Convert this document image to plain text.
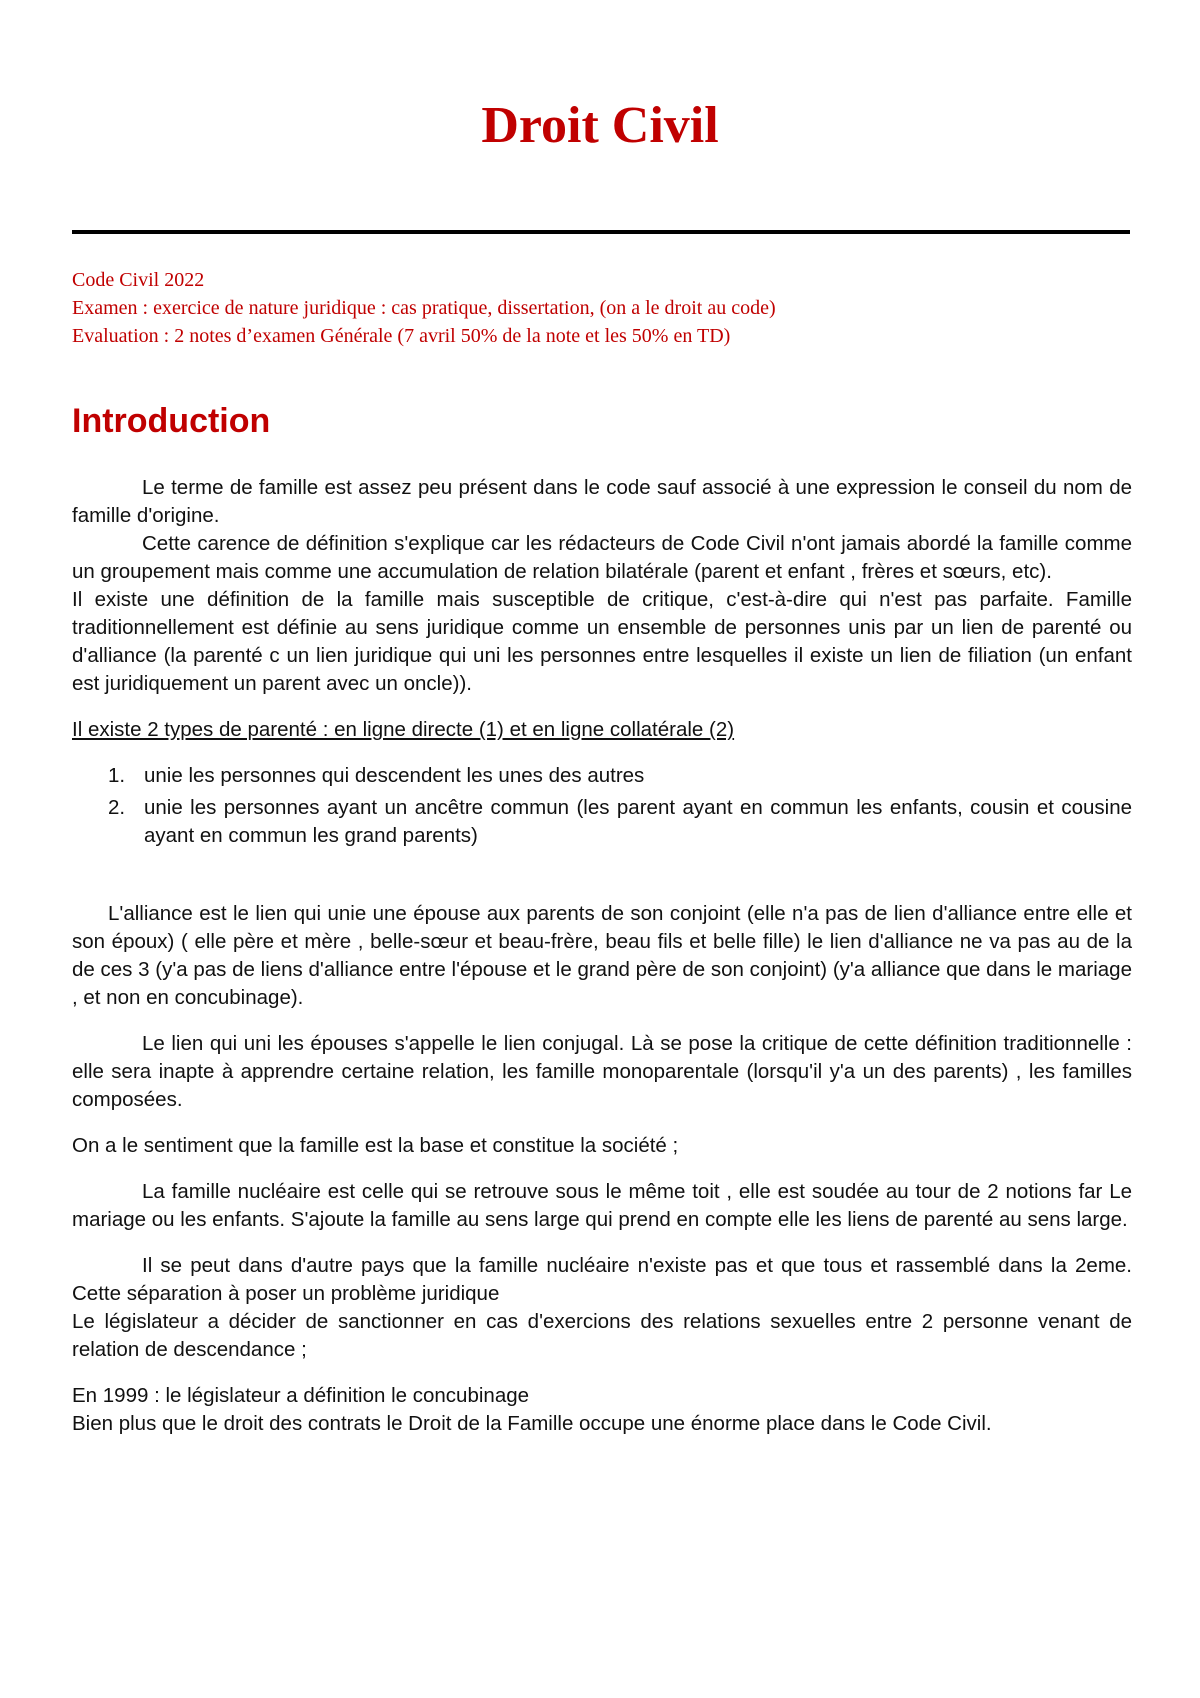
Droit Civil
Code Civil 2022
Examen : exercice de nature juridique : cas pratique, dissertation, (on a le droit au code)
Evaluation : 2 notes d’examen Générale (7 avril 50% de la note et les 50% en TD)
Introduction

Le terme de famille est assez peu présent dans le code sauf associé à une expression le conseil du nom de famille d'origine.

Cette carence de définition s'explique car les rédacteurs de Code Civil n'ont jamais abordé la famille comme un groupement mais comme une accumulation de relation bilatérale (parent et enfant , frères et sœurs, etc).

Il existe une définition de la famille mais susceptible de critique, c'est-à-dire qui n'est pas parfaite. Famille traditionnellement est définie au sens juridique comme un ensemble de personnes unis par un lien de parenté ou d'alliance (la parenté c un lien juridique qui uni les personnes entre lesquelles il existe un lien de filiation (un enfant est juridiquement un parent avec un oncle)).

Il existe 2 types de parenté : en ligne directe (1) et en ligne collatérale (2)

1. unie les personnes qui descendent les unes des autres
2. unie les personnes ayant un ancêtre commun (les parent ayant en commun les enfants, cousin et cousine ayant en commun les grand parents)

L'alliance est le lien qui unie une épouse aux parents de son conjoint (elle n'a pas de lien d'alliance entre elle et son époux) ( elle père et mère , belle-sœur et beau-frère, beau fils et belle fille) le lien d'alliance ne va pas au de la de ces 3 (y'a pas de liens d'alliance entre l'épouse et le grand père de son conjoint) (y'a alliance que dans le mariage , et non en concubinage).

Le lien qui uni les épouses s'appelle le lien conjugal. Là se pose la critique de cette définition traditionnelle : elle sera inapte à apprendre certaine relation, les famille monoparentale (lorsqu'il y'a un des parents) , les familles composées.

On a le sentiment que la famille est la base et constitue la société ;

La famille nucléaire est celle qui se retrouve sous le même toit , elle est soudée au tour de 2 notions far Le mariage ou les enfants. S'ajoute la famille au sens large qui prend en compte elle les liens de parenté au sens large.

Il se peut dans d'autre pays que la famille nucléaire n'existe pas et que tous et rassemblé dans la 2eme. Cette séparation à poser un problème juridique

Le législateur a décider de sanctionner en cas d'exercions des relations sexuelles entre 2 personne venant de relation de descendance ;

En 1999 : le législateur a définition le concubinage

Bien plus que le droit des contrats le Droit de la Famille occupe une énorme place dans le Code Civil.
